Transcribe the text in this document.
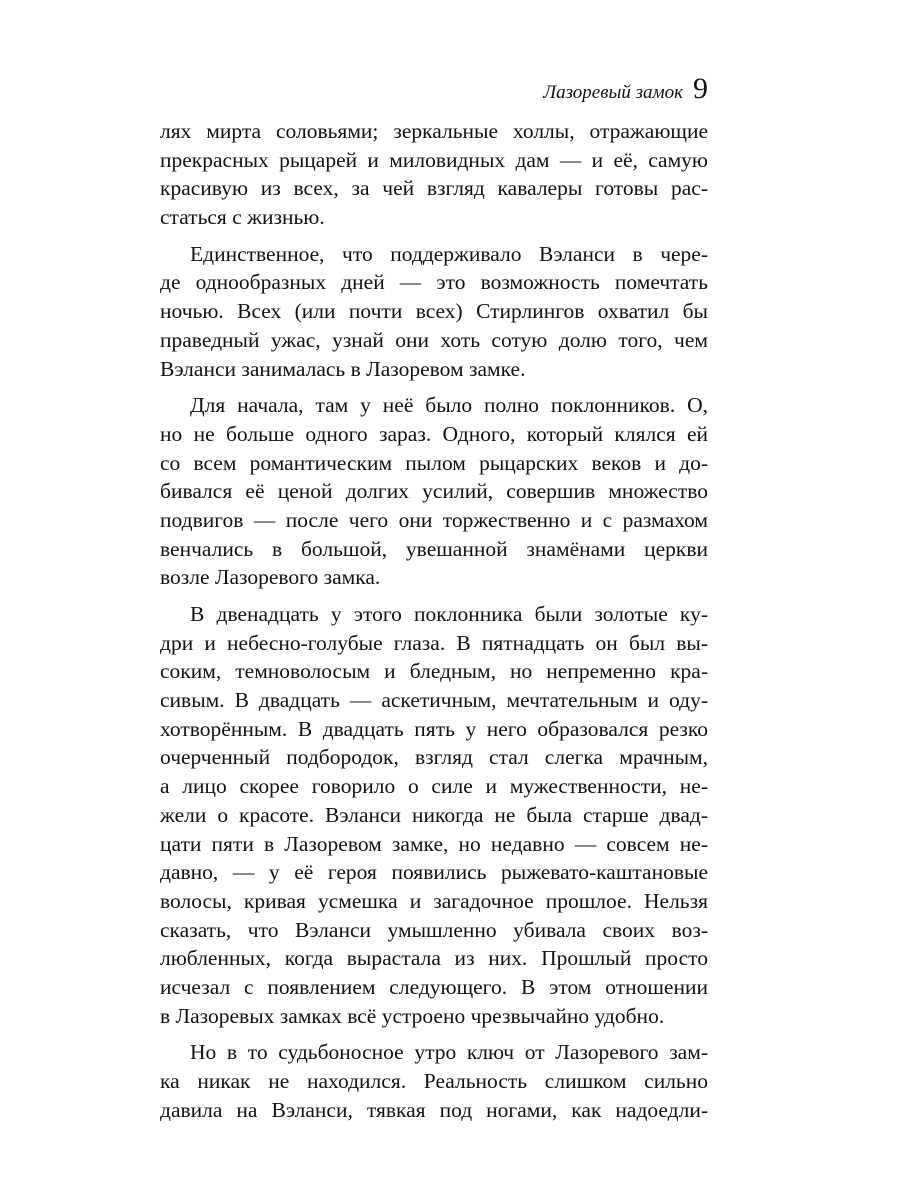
Лазоревый замок 9
лях мирта соловьями; зеркальные холлы, отражающие
прекрасных рыцарей и миловидных дам — и её, самую
красивую из всех, за чей взгляд кавалеры готовы рас-
статься с жизнью.
Единственное, что поддерживало Вэланси в чере-
де однообразных дней — это возможность помечтать
ночью. Всех (или почти всех) Стирлингов охватил бы
праведный ужас, узнай они хоть сотую долю того, чем
Вэланси занималась в Лазоревом замке.
Для начала, там у неё было полно поклонников. О,
но не больше одного зараз. Одного, который клялся ей
со всем романтическим пылом рыцарских веков и до-
бивался её ценой долгих усилий, совершив множество
подвигов — после чего они торжественно и с размахом
венчались в большой, увешанной знамёнами церкви
возле Лазоревого замка.
В двенадцать у этого поклонника были золотые ку-
дри и небесно-голубые глаза. В пятнадцать он был вы-
соким, темноволосым и бледным, но непременно кра-
сивым. В двадцать — аскетичным, мечтательным и оду-
хотворённым. В двадцать пять у него образовался резко
очерченный подбородок, взгляд стал слегка мрачным,
а лицо скорее говорило о силе и мужественности, не-
жели о красоте. Вэланси никогда не была старше двад-
цати пяти в Лазоревом замке, но недавно — совсем не-
давно, — у её героя появились рыжевато-каштановые
волосы, кривая усмешка и загадочное прошлое. Нельзя
сказать, что Вэланси умышленно убивала своих воз-
любленных, когда вырастала из них. Прошлый просто
исчезал с появлением следующего. В этом отношении
в Лазоревых замках всё устроено чрезвычайно удобно.
Но в то судьбоносное утро ключ от Лазоревого зам-
ка никак не находился. Реальность слишком сильно
давила на Вэланси, тявкая под ногами, как надоедли-
